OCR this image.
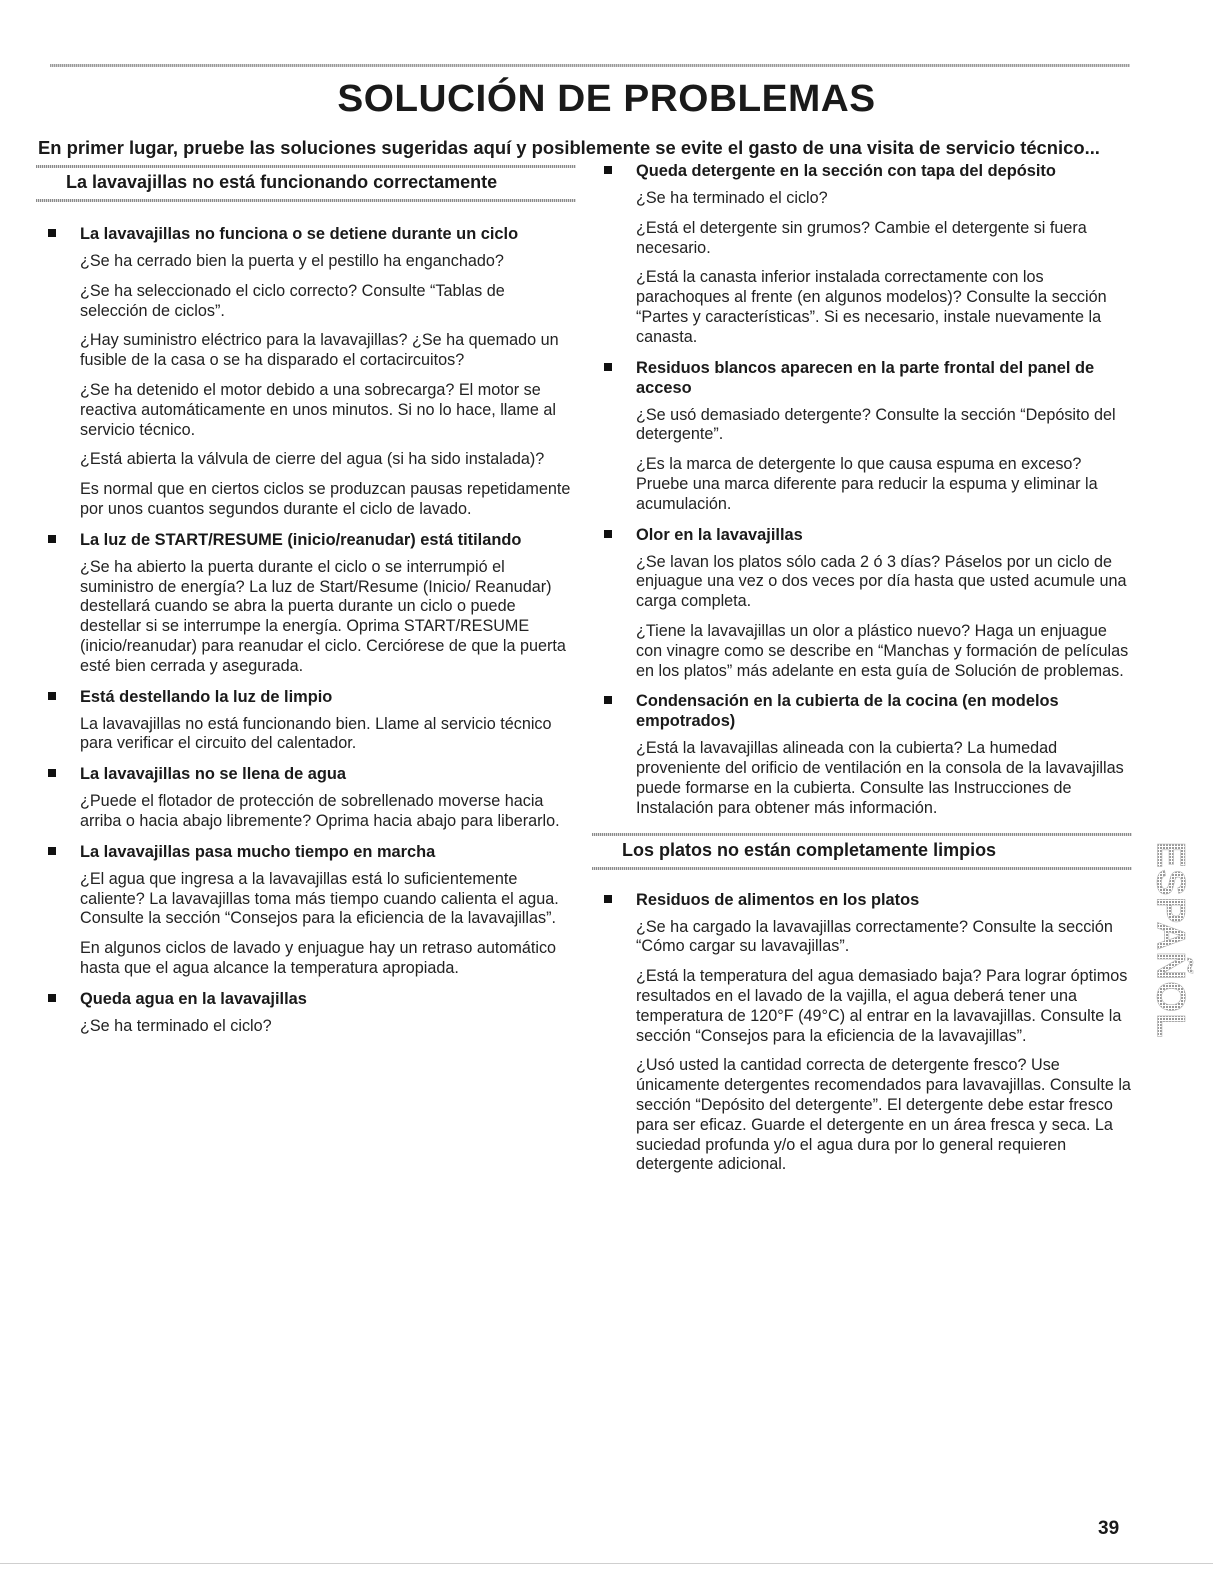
SOLUCIÓN DE PROBLEMAS

En primer lugar, pruebe las soluciones sugeridas aquí y posiblemente se evite el gasto de una visita de servicio técnico...

La lavavajillas no está funcionando correctamente
La lavavajillas no funciona o se detiene durante un ciclo

¿Se ha cerrado bien la puerta y el pestillo ha enganchado?

¿Se ha seleccionado el ciclo correcto? Consulte “Tablas de selección de ciclos”.

¿Hay suministro eléctrico para la lavavajillas? ¿Se ha quemado un fusible de la casa o se ha disparado el cortacircuitos?

¿Se ha detenido el motor debido a una sobrecarga? El motor se reactiva automáticamente en unos minutos. Si no lo hace, llame al servicio técnico.

¿Está abierta la válvula de cierre del agua (si ha sido instalada)?

Es normal que en ciertos ciclos se produzcan pausas repetidamente por unos cuantos segundos durante el ciclo de lavado.

La luz de START/RESUME (inicio/reanudar) está titilando

¿Se ha abierto la puerta durante el ciclo o se interrumpió el suministro de energía? La luz de Start/Resume (Inicio/ Reanudar) destellará cuando se abra la puerta durante un ciclo o puede destellar si se interrumpe la energía. Oprima START/RESUME (inicio/reanudar) para reanudar el ciclo. Cerciórese de que la puerta esté bien cerrada y asegurada.

Está destellando la luz de limpio

La lavavajillas no está funcionando bien. Llame al servicio técnico para verificar el circuito del calentador.

La lavavajillas no se llena de agua

¿Puede el flotador de protección de sobrellenado moverse hacia arriba o hacia abajo libremente? Oprima hacia abajo para liberarlo.

La lavavajillas pasa mucho tiempo en marcha

¿El agua que ingresa a la lavavajillas está lo suficientemente caliente? La lavavajillas toma más tiempo cuando calienta el agua. Consulte la sección “Consejos para la eficiencia de la lavavajillas”.

En algunos ciclos de lavado y enjuague hay un retraso automático hasta que el agua alcance la temperatura apropiada.

Queda agua en la lavavajillas

¿Se ha terminado el ciclo?

Queda detergente en la sección con tapa del depósito

¿Se ha terminado el ciclo?

¿Está el detergente sin grumos? Cambie el detergente si fuera necesario.

¿Está la canasta inferior instalada correctamente con los parachoques al frente (en algunos modelos)? Consulte la sección “Partes y características”. Si es necesario, instale nuevamente la canasta.

Residuos blancos aparecen en la parte frontal del panel de acceso

¿Se usó demasiado detergente? Consulte la sección “Depósito del detergente”.

¿Es la marca de detergente lo que causa espuma en exceso? Pruebe una marca diferente para reducir la espuma y eliminar la acumulación.

Olor en la lavavajillas

¿Se lavan los platos sólo cada 2 ó 3 días? Páselos por un ciclo de enjuague una vez o dos veces por día hasta que usted acumule una carga completa.

¿Tiene la lavavajillas un olor a plástico nuevo? Haga un enjuague con vinagre como se describe en “Manchas y formación de películas en los platos” más adelante en esta guía de Solución de problemas.

Condensación en la cubierta de la cocina (en modelos empotrados)

¿Está la lavavajillas alineada con la cubierta? La humedad proveniente del orificio de ventilación en la consola de la lavavajillas puede formarse en la cubierta. Consulte las Instrucciones de Instalación para obtener más información.

Los platos no están completamente limpios
Residuos de alimentos en los platos

¿Se ha cargado la lavavajillas correctamente? Consulte la sección “Cómo cargar su lavavajillas”.

¿Está la temperatura del agua demasiado baja? Para lograr óptimos resultados en el lavado de la vajilla, el agua deberá tener una temperatura de 120°F (49°C) al entrar en la lavavajillas. Consulte la sección “Consejos para la eficiencia de la lavavajillas”.

¿Usó usted la cantidad correcta de detergente fresco? Use únicamente detergentes recomendados para lavavajillas. Consulte la sección “Depósito del detergente”. El detergente debe estar fresco para ser eficaz. Guarde el detergente en un área fresca y seca. La suciedad profunda y/o el agua dura por lo general requieren detergente adicional.

ESPAÑOL
39
